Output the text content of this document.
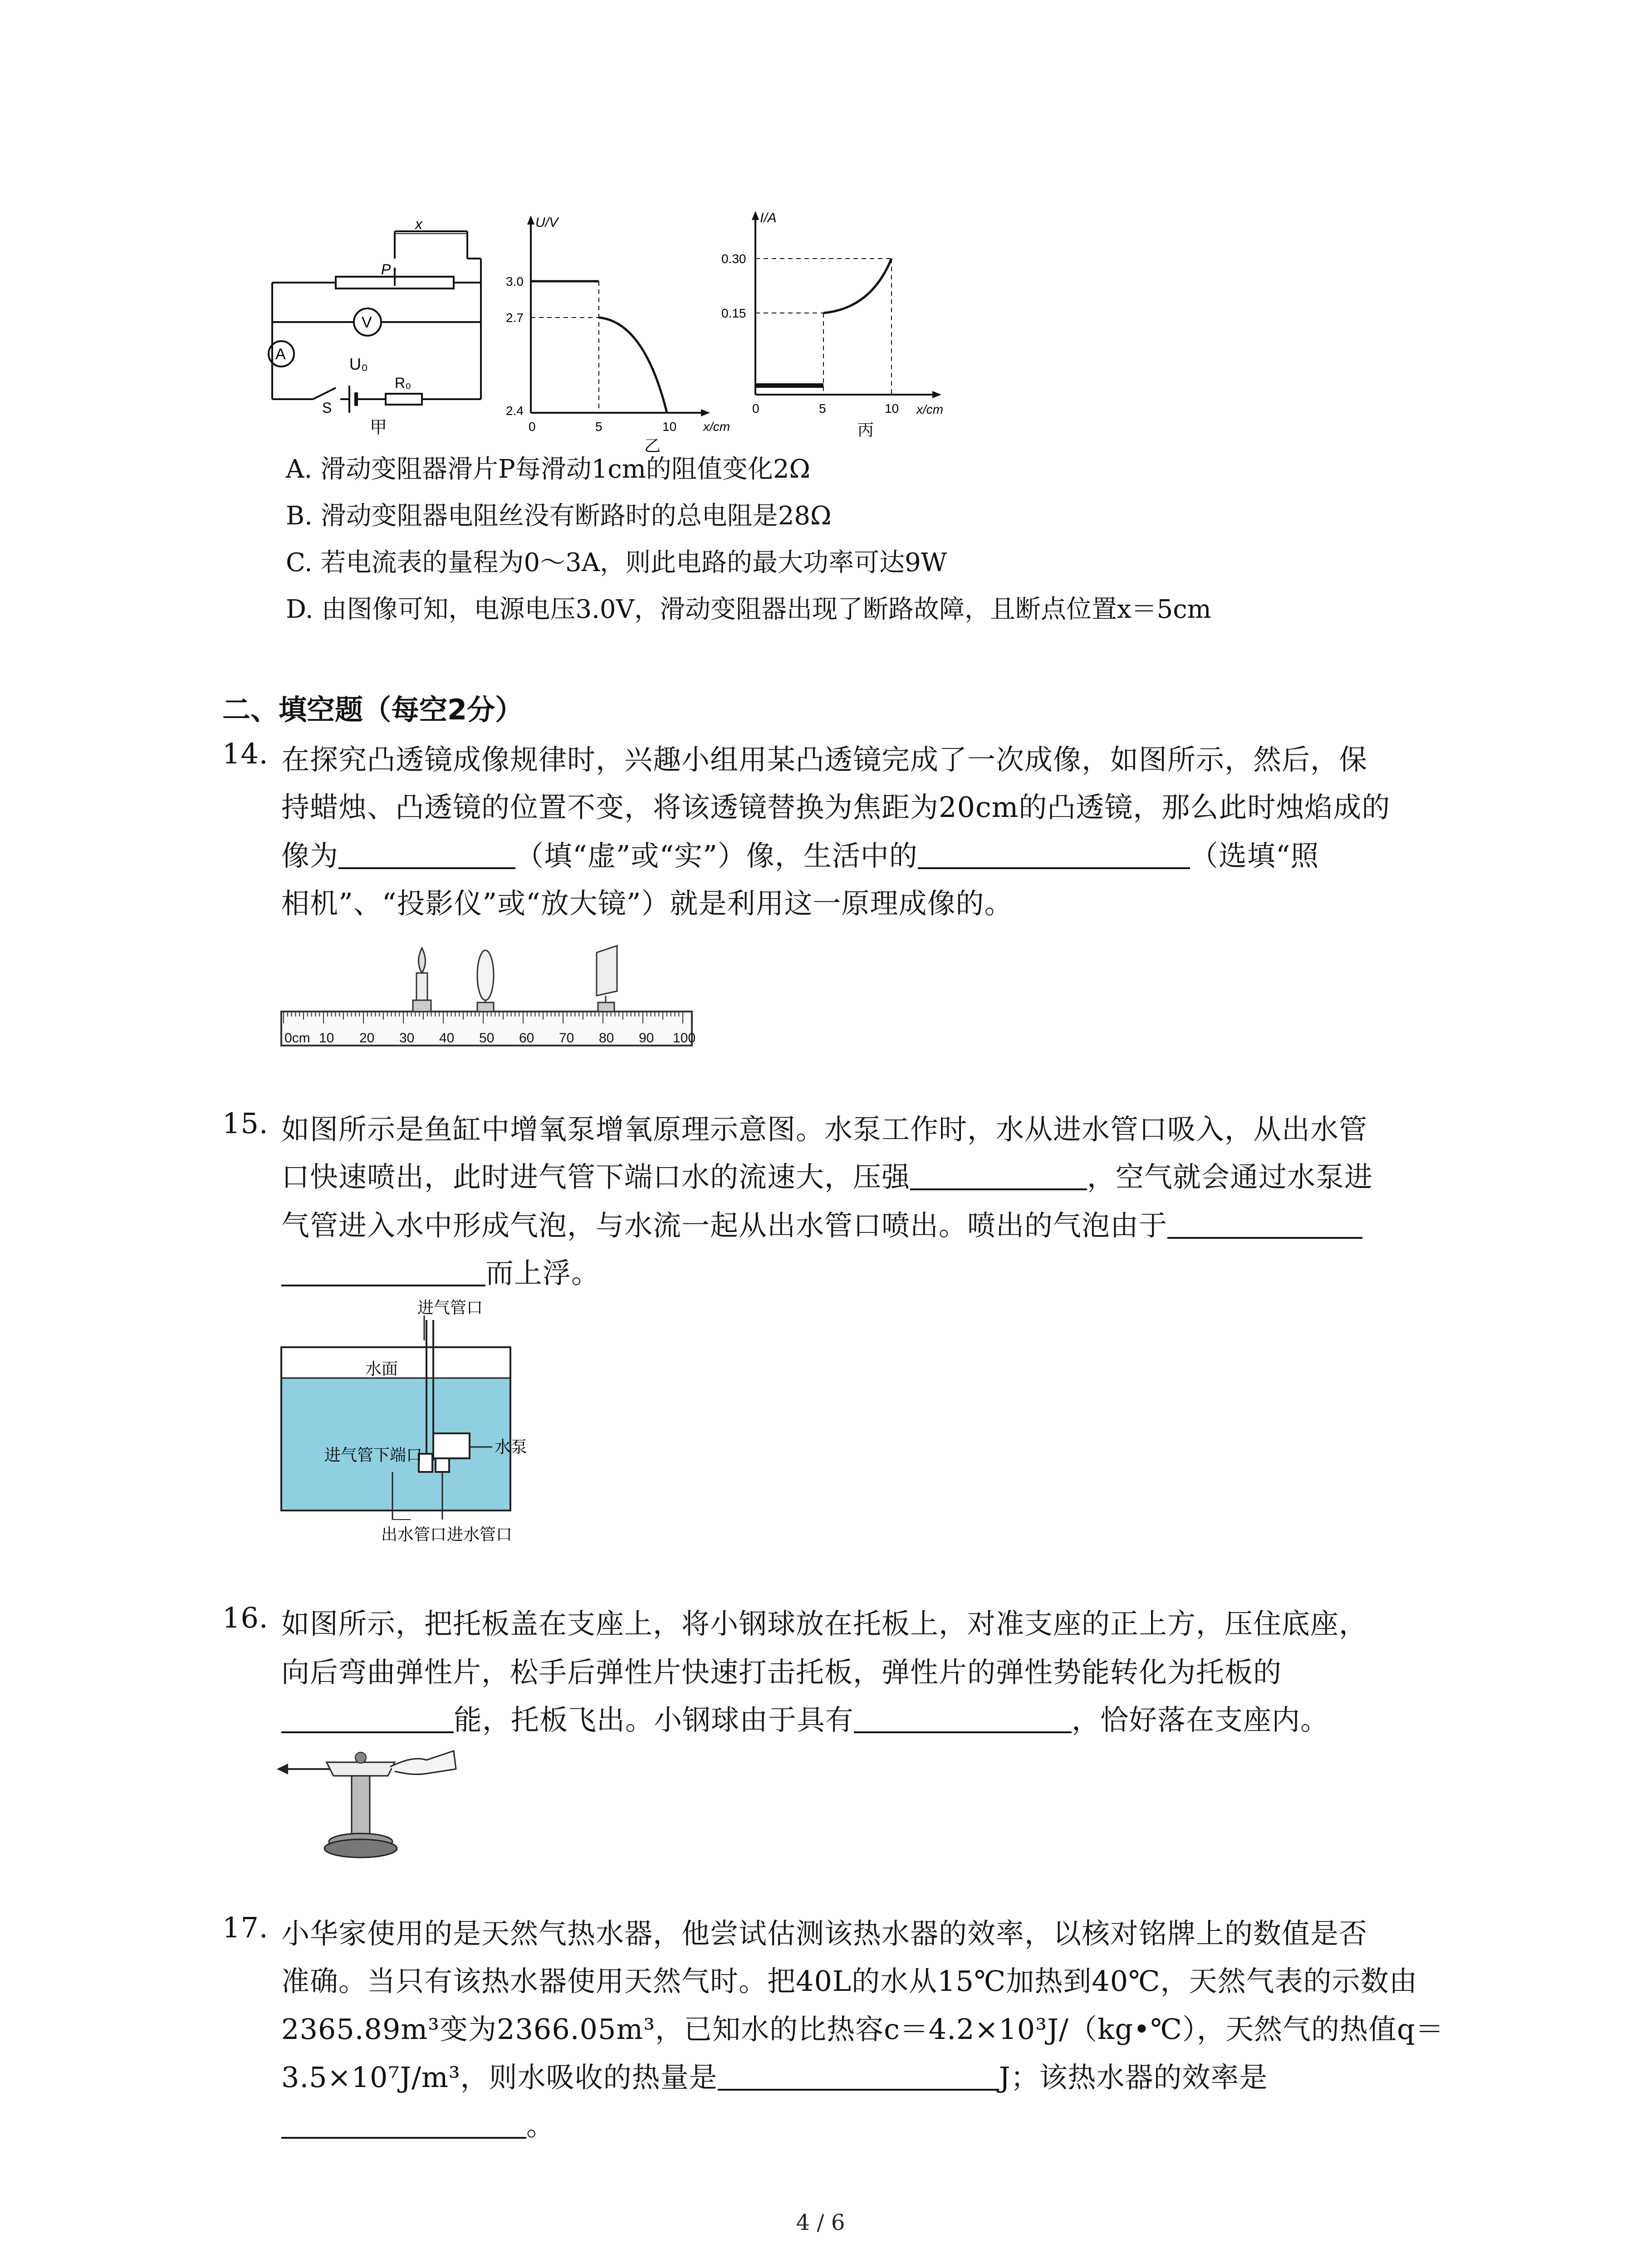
x
P
V
A
U₀
R₀
S
甲
U/V
x/cm
3.0
2.7
2.4
0	5	10
乙
I/A
x/cm
0.30
0.15
0	5	10
丙
A. 滑动变阻器滑片P每滑动1cm的阻值变化2Ω
B. 滑动变阻器电阻丝没有断路时的总电阻是28Ω
C. 若电流表的量程为0～3A，则此电路的最大功率可达9W
D. 由图像可知，电源电压3.0V，滑动变阻器出现了断路故障，且断点位置x＝5cm
二、填空题（每空2分）
14. 在探究凸透镜成像规律时，兴趣小组用某凸透镜完成了一次成像，如图所示，然后，保
持蜡烛、凸透镜的位置不变，将该透镜替换为焦距为20cm的凸透镜，那么此时烛焰成的
像为	（填“虚”或“实”）像，生活中的	（选填“照
相机”、“投影仪”或“放大镜”）就是利用这一原理成像的。
0cm 10 20 30 40 50 60 70 80 90 100
15. 如图所示是鱼缸中增氧泵增氧原理示意图。水泵工作时，水从进水管口吸入，从出水管
口快速喷出，此时进气管下端口水的流速大，压强	，空气就会通过水泵进
气管进入水中形成气泡，与水流一起从出水管口喷出。喷出的气泡由于
而上浮。
进气管口
水面
进气管下端口	水泵
出水管口 进水管口
16. 如图所示，把托板盖在支座上，将小钢球放在托板上，对准支座的正上方，压住底座，
向后弯曲弹性片，松手后弹性片快速打击托板，弹性片的弹性势能转化为托板的
能，托板飞出。小钢球由于具有	，恰好落在支座内。
17. 小华家使用的是天然气热水器，他尝试估测该热水器的效率，以核对铭牌上的数值是否
准确。当只有该热水器使用天然气时。把40L的水从15℃加热到40℃，天然气表的示数由
2365.89m³变为2366.05m³，已知水的比热容c＝4.2×10³J/（kg•℃），天然气的热值q＝
3.5×10⁷J/m³，则水吸收的热量是	J；该热水器的效率是
。
4 / 6
